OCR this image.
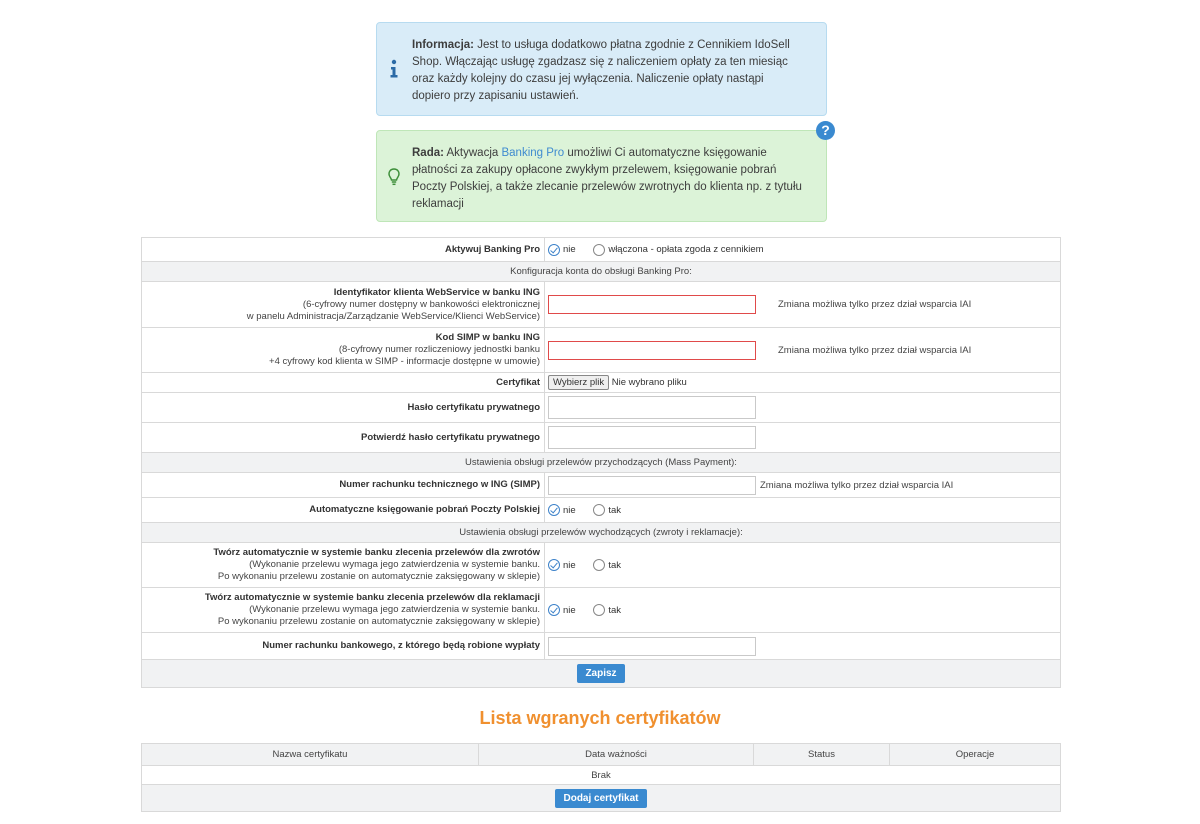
Informacja: Jest to usługa dodatkowo płatna zgodnie z Cennikiem IdoSell Shop. Włączając usługę zgadzasz się z naliczeniem opłaty za ten miesiąc oraz każdy kolejny do czasu jej wyłączenia. Naliczenie opłaty nastąpi dopiero przy zapisaniu ustawień.
Rada: Aktywacja Banking Pro umożliwi Ci automatyczne księgowanie płatności za zakupy opłacone zwykłym przelewem, księgowanie pobrań Poczty Polskiej, a także zlecanie przelewów zwrotnych do klienta np. z tytułu reklamacji
?
Aktywuj Banking Pro	nie włączona - opłata zgoda z cennikiem
Konfiguracja konta do obsługi Banking Pro:	
Identyfikator klienta WebService w banku ING
(6-cyfrowy numer dostępny w bankowości elektronicznej
w panelu Administracja/Zarządzanie WebService/Klienci WebService)	Zmiana możliwa tylko przez dział wsparcia IAI
Kod SIMP w banku ING
(8-cyfrowy numer rozliczeniowy jednostki banku
+4 cyfrowy kod klienta w SIMP - informacje dostępne w umowie)	Zmiana możliwa tylko przez dział wsparcia IAI
Certyfikat	Wybierz plik Nie wybrano pliku
Hasło certyfikatu prywatnego	
Potwierdź hasło certyfikatu prywatnego	
Ustawienia obsługi przelewów przychodzących (Mass Payment):	
Numer rachunku technicznego w ING (SIMP)	Zmiana możliwa tylko przez dział wsparcia IAI
Automatyczne księgowanie pobrań Poczty Polskiej	nie tak
Ustawienia obsługi przelewów wychodzących (zwroty i reklamacje):	
Twórz automatycznie w systemie banku zlecenia przelewów dla zwrotów
(Wykonanie przelewu wymaga jego zatwierdzenia w systemie banku.
Po wykonaniu przelewu zostanie on automatycznie zaksięgowany w sklepie)	nie tak
Twórz automatycznie w systemie banku zlecenia przelewów dla reklamacji
(Wykonanie przelewu wymaga jego zatwierdzenia w systemie banku.
Po wykonaniu przelewu zostanie on automatycznie zaksięgowany w sklepie)	nie tak
Numer rachunku bankowego, z którego będą robione wypłaty	
Zapisz	
Lista wgranych certyfikatów
Nazwa certyfikatu	Data ważności	Status	Operacje
Brak
Dodaj certyfikat
